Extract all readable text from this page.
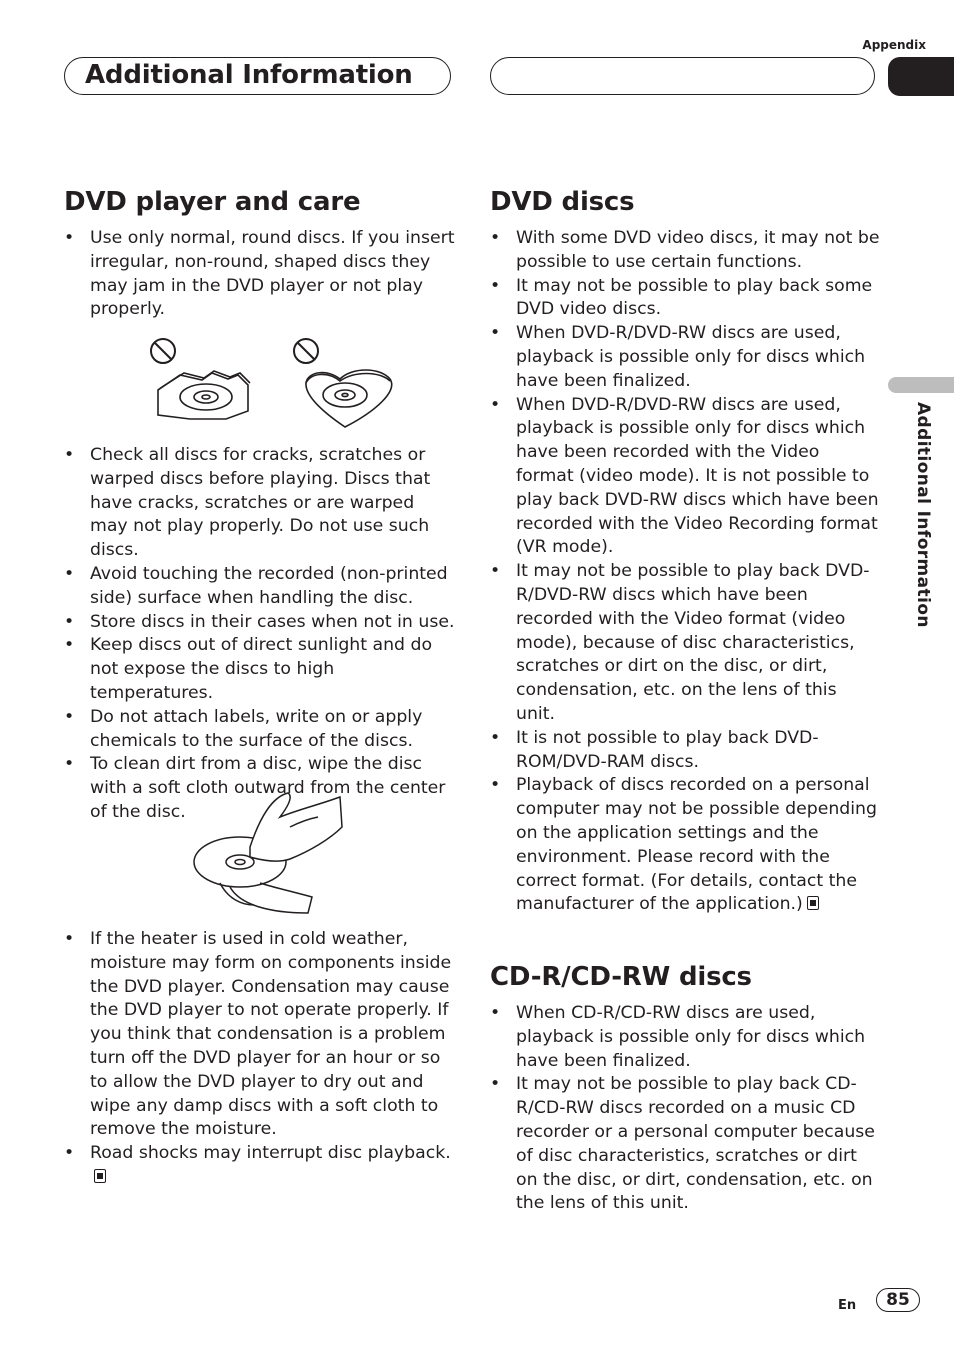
Appendix
Additional Information
Additional Information
DVD player and care
• Use only normal, round discs. If you insert irregular, non-round, shaped discs they may jam in the DVD player or not play properly.
• Check all discs for cracks, scratches or warped discs before playing. Discs that have cracks, scratches or are warped may not play properly. Do not use such discs.
• Avoid touching the recorded (non-printed side) surface when handling the disc.
• Store discs in their cases when not in use.
• Keep discs out of direct sunlight and do not expose the discs to high temperatures.
• Do not attach labels, write on or apply chemicals to the surface of the discs.
• To clean dirt from a disc, wipe the disc with a soft cloth outward from the center of the disc.
• If the heater is used in cold weather, moisture may form on components inside the DVD player. Condensation may cause the DVD player to not operate properly. If you think that condensation is a problem turn off the DVD player for an hour or so to allow the DVD player to dry out and wipe any damp discs with a soft cloth to remove the moisture.
• Road shocks may interrupt disc playback.
DVD discs
• With some DVD video discs, it may not be possible to use certain functions.
• It may not be possible to play back some DVD video discs.
• When DVD-R/DVD-RW discs are used, playback is possible only for discs which have been finalized.
• When DVD-R/DVD-RW discs are used, playback is possible only for discs which have been recorded with the Video format (video mode). It is not possible to play back DVD-RW discs which have been recorded with the Video Recording format (VR mode).
• It may not be possible to play back DVD-R/DVD-RW discs which have been recorded with the Video format (video mode), because of disc characteristics, scratches or dirt on the disc, or dirt, condensation, etc. on the lens of this unit.
• It is not possible to play back DVD-ROM/DVD-RAM discs.
• Playback of discs recorded on a personal computer may not be possible depending on the application settings and the environment. Please record with the correct format. (For details, contact the manufacturer of the application.)
CD-R/CD-RW discs
• When CD-R/CD-RW discs are used, playback is possible only for discs which have been finalized.
• It may not be possible to play back CD-R/CD-RW discs recorded on a music CD recorder or a personal computer because of disc characteristics, scratches or dirt on the disc, or dirt, condensation, etc. on the lens of this unit.
En	85
